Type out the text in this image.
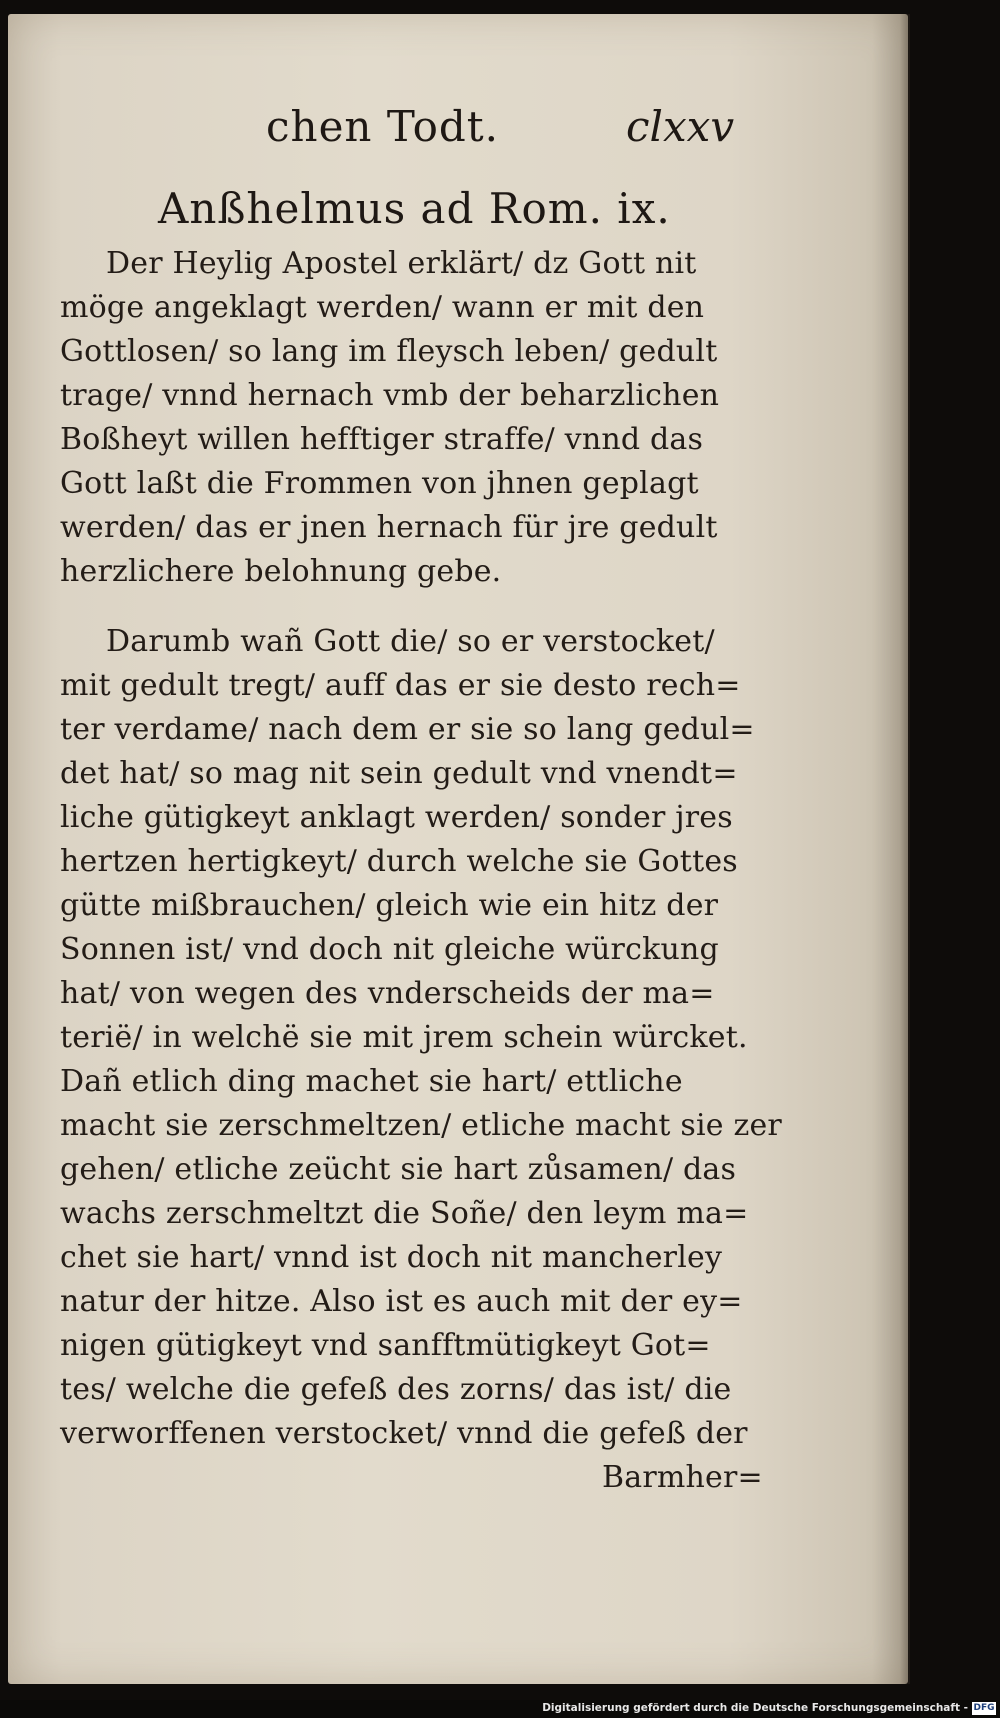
chen Todt.	clxxv
Anßhelmus ad Rom. ix.
Der Heylig Apostel erklärt/ dz Gott nit
möge angeklagt werden/ wann er mit den
Gottlosen/ so lang im fleysch leben/ gedult
trage/ vnnd hernach vmb der beharzlichen
Boßheyt willen hefftiger straffe/ vnnd das
Gott laßt die Frommen von jhnen geplagt
werden/ das er jnen hernach für jre gedult
herzlichere belohnung gebe.
Darumb wañ Gott die/ so er verstocket/
mit gedult tregt/ auff das er sie desto rech=
ter verdame/ nach dem er sie so lang gedul=
det hat/ so mag nit sein gedult vnd vnendt=
liche gütigkeyt anklagt werden/ sonder jres
hertzen hertigkeyt/ durch welche sie Gottes
gütte mißbrauchen/ gleich wie ein hitz der
Sonnen ist/ vnd doch nit gleiche würckung
hat/ von wegen des vnderscheids der ma=
terië/ in welchë sie mit jrem schein würcket.
Dañ etlich ding machet sie hart/ ettliche
macht sie zerschmeltzen/ etliche macht sie zer
gehen/ etliche zeücht sie hart zůsamen/ das
wachs zerschmeltzt die Soñe/ den leym ma=
chet sie hart/ vnnd ist doch nit mancherley
natur der hitze. Also ist es auch mit der ey=
nigen gütigkeyt vnd sanfftmütigkeyt Got=
tes/ welche die gefeß des zorns/ das ist/ die
verworffenen verstocket/ vnnd die gefeß der
Barmher=
Digitalisierung gefördert durch die Deutsche Forschungsgemeinschaft - DFG
